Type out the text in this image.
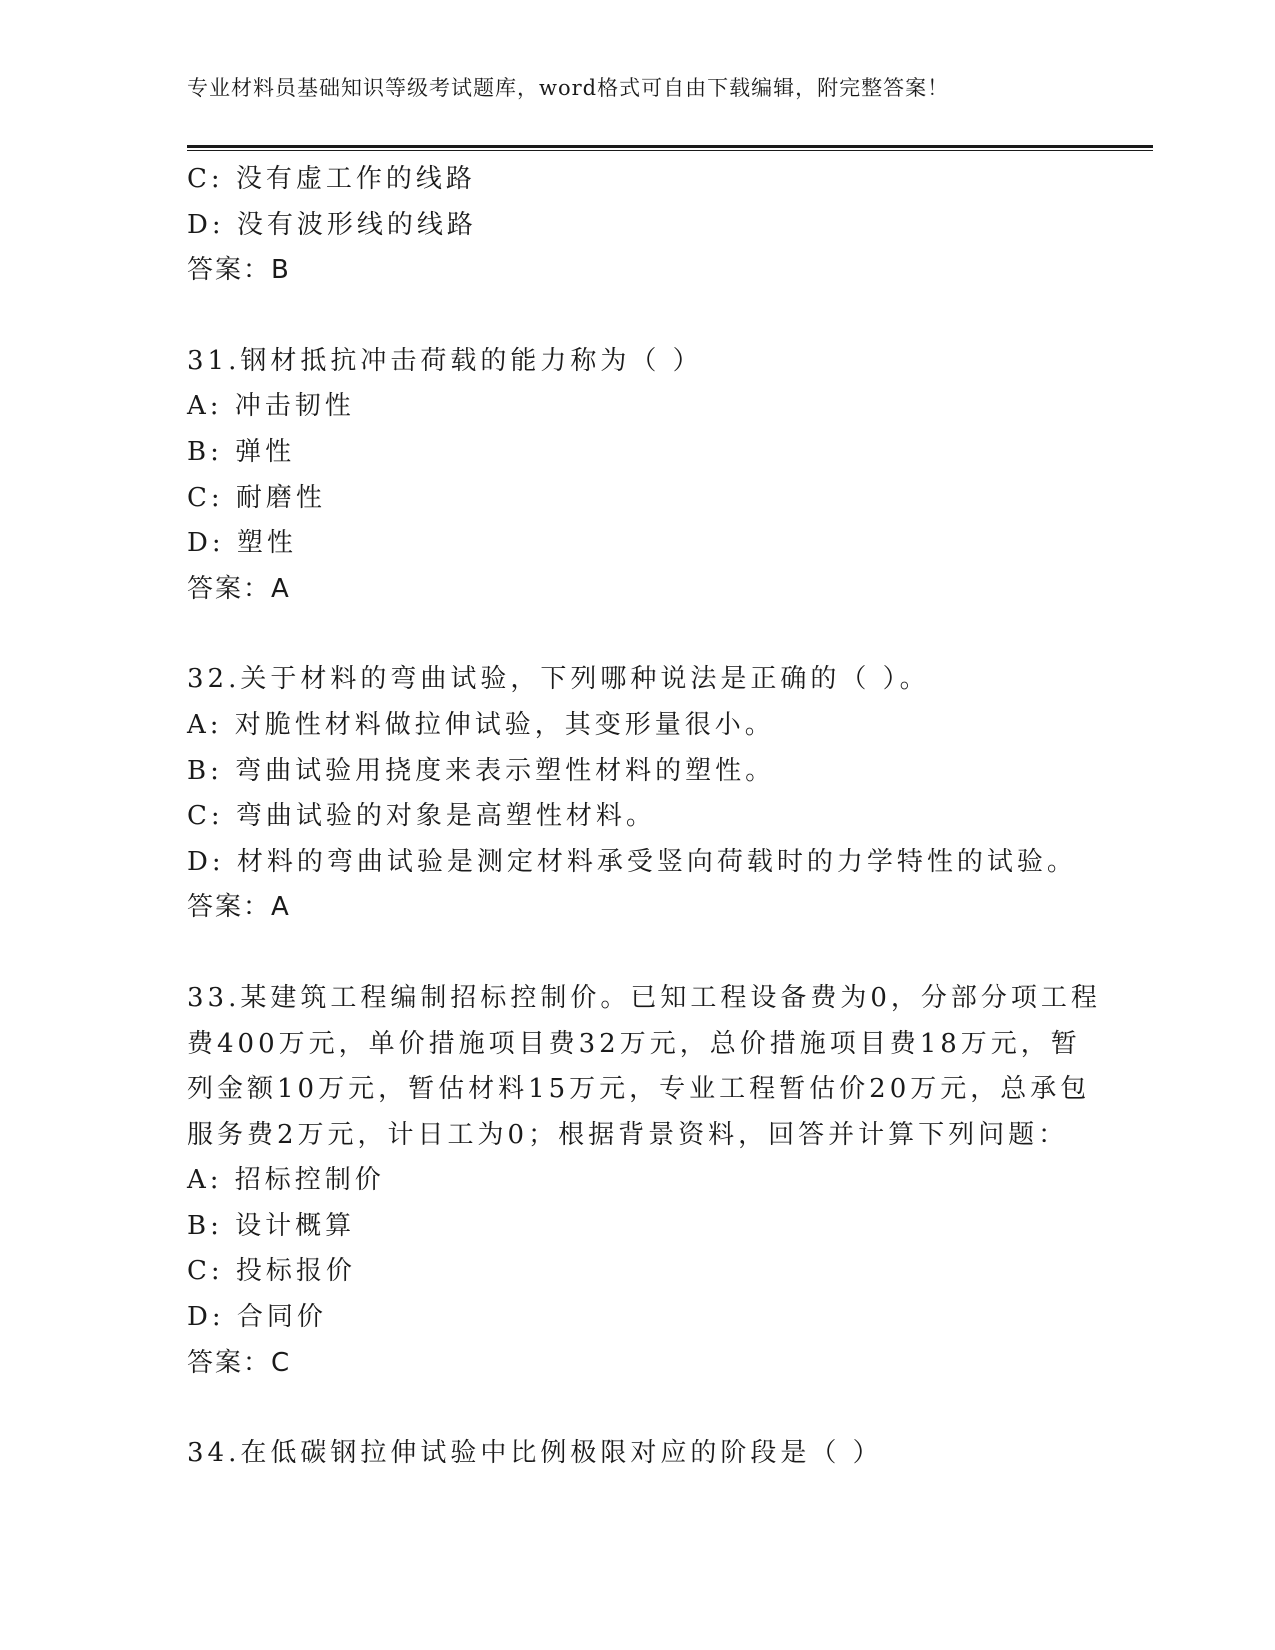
专业材料员基础知识等级考试题库，word格式可自由下载编辑，附完整答案！
C: 没有虚工作的线路
D: 没有波形线的线路
答案：B
31.钢材抵抗冲击荷载的能力称为（ ）
A: 冲击韧性
B: 弹性
C: 耐磨性
D: 塑性
答案：A
32.关于材料的弯曲试验，下列哪种说法是正确的（ ）。
A: 对脆性材料做拉伸试验，其变形量很小。
B: 弯曲试验用挠度来表示塑性材料的塑性。
C: 弯曲试验的对象是高塑性材料。
D: 材料的弯曲试验是测定材料承受竖向荷载时的力学特性的试验。
答案：A
33.某建筑工程编制招标控制价。已知工程设备费为0，分部分项工程
费400万元，单价措施项目费32万元，总价措施项目费18万元，暂
列金额10万元，暂估材料15万元，专业工程暂估价20万元，总承包
服务费2万元，计日工为0；根据背景资料，回答并计算下列问题：
A: 招标控制价
B: 设计概算
C: 投标报价
D: 合同价
答案：C
34.在低碳钢拉伸试验中比例极限对应的阶段是（ ）
